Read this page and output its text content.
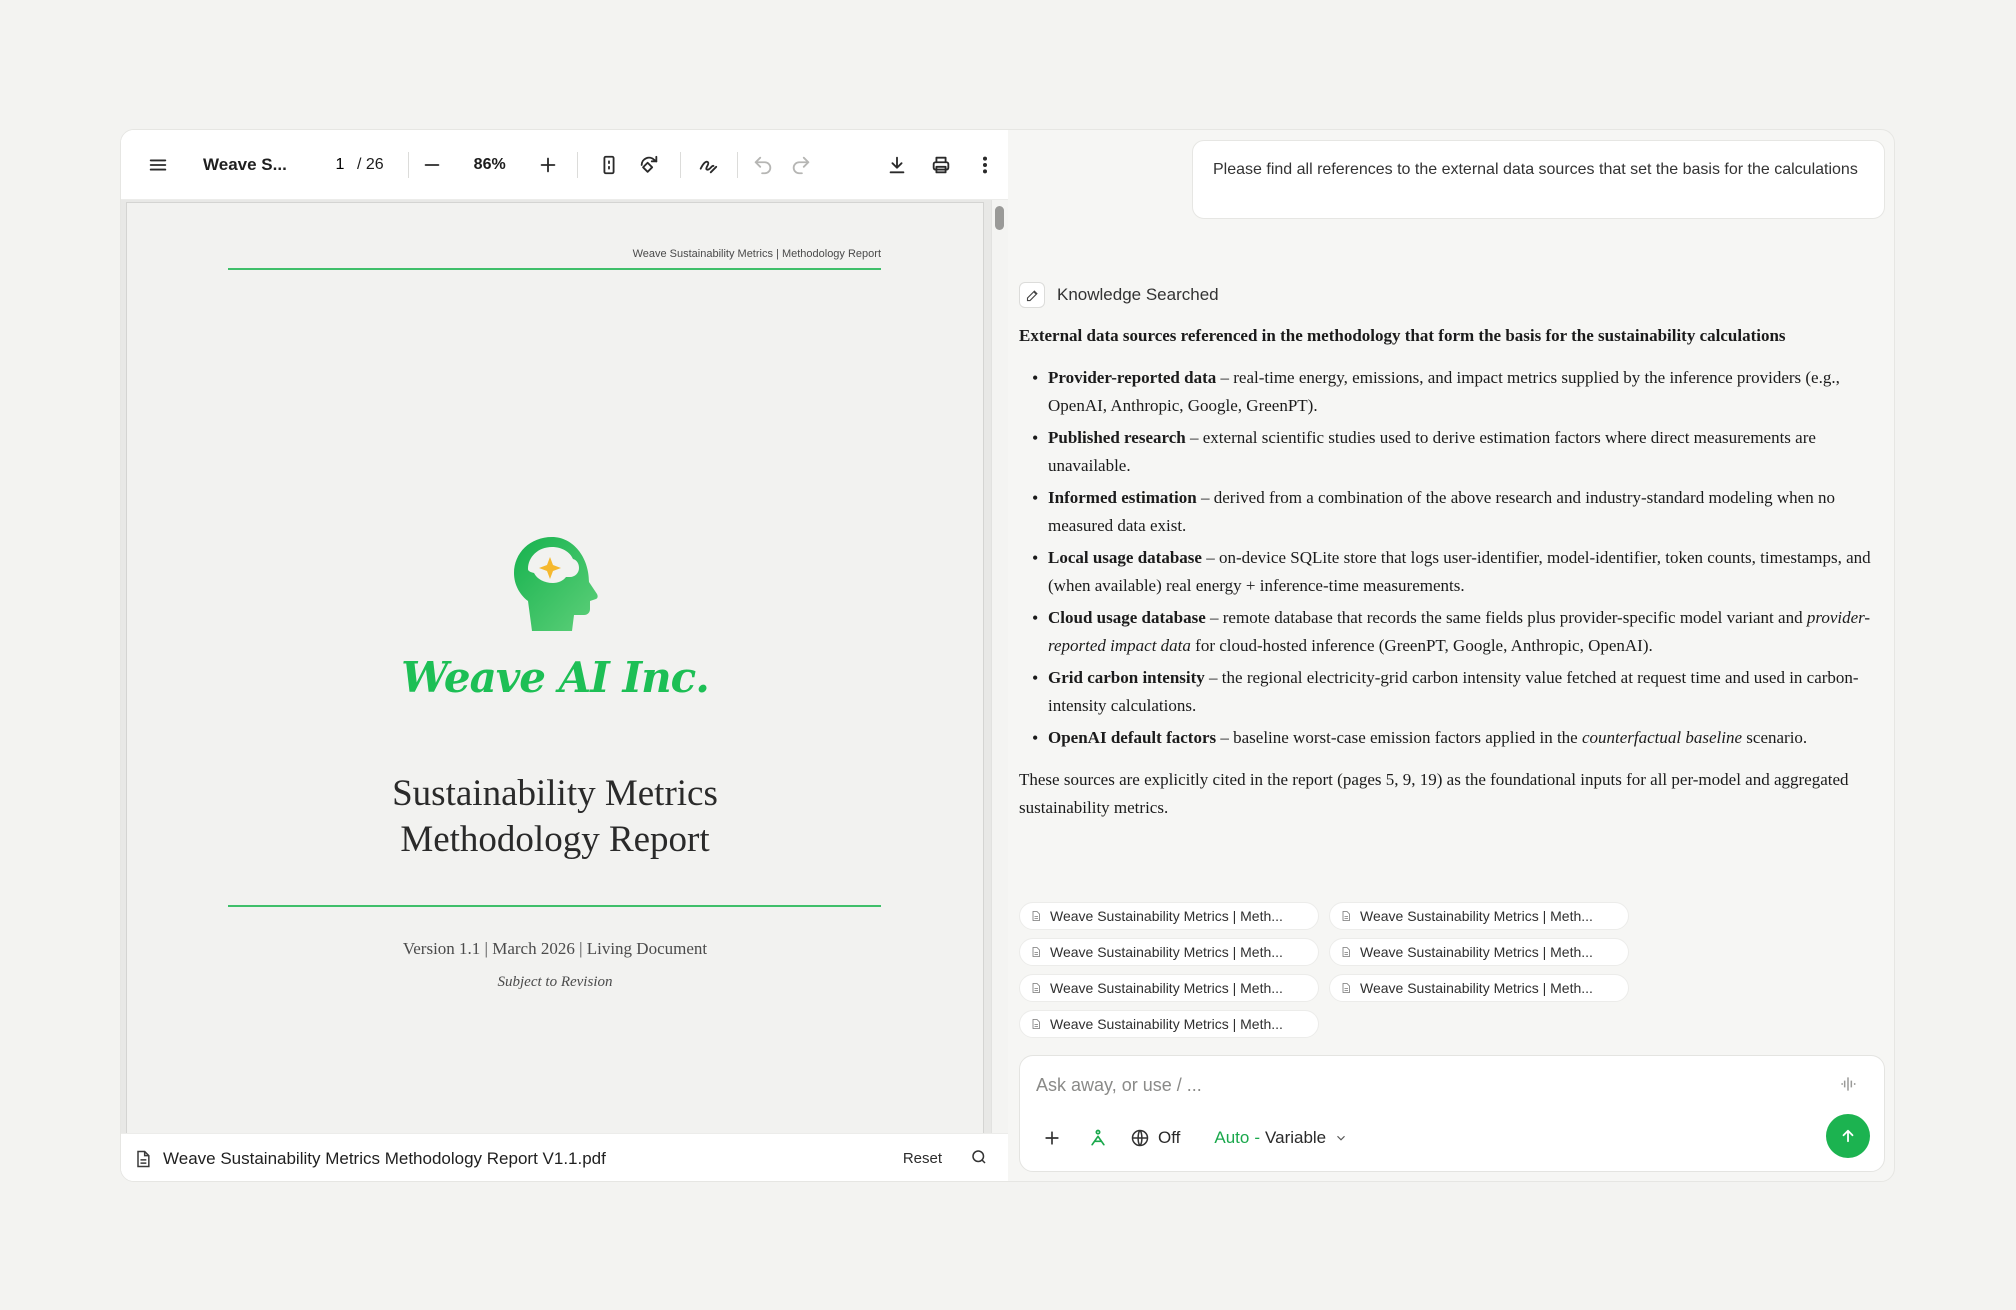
Weave S...
1	/ 26	86%
Weave Sustainability Metrics | Methodology Report
Weave AI Inc.
Sustainability Metrics
Methodology Report
Version 1.1 | March 2026 | Living Document
Subject to Revision
Weave Sustainability Metrics Methodology Report V1.1.pdf	Reset
Please find all references to the external data sources that set the basis for the calculations
Knowledge Searched
External data sources referenced in the methodology that form the basis for the sustainability calculations
• Provider-reported data – real-time energy, emissions, and impact metrics supplied by the inference providers (e.g., OpenAI, Anthropic, Google, GreenPT).
• Published research – external scientific studies used to derive estimation factors where direct measurements are unavailable.
• Informed estimation – derived from a combination of the above research and industry-standard modeling when no measured data exist.
• Local usage database – on-device SQLite store that logs user-identifier, model-identifier, token counts, timestamps, and (when available) real energy + inference-time measurements.
• Cloud usage database – remote database that records the same fields plus provider-specific model variant and provider-reported impact data for cloud-hosted inference (GreenPT, Google, Anthropic, OpenAI).
• Grid carbon intensity – the regional electricity-grid carbon intensity value fetched at request time and used in carbon-intensity calculations.
• OpenAI default factors – baseline worst-case emission factors applied in the counterfactual baseline scenario.
These sources are explicitly cited in the report (pages 5, 9, 19) as the foundational inputs for all per-model and aggregated sustainability metrics.
Weave Sustainability Metrics | Meth...	Weave Sustainability Metrics | Meth...
Weave Sustainability Metrics | Meth...	Weave Sustainability Metrics | Meth...
Weave Sustainability Metrics | Meth...	Weave Sustainability Metrics | Meth...
Weave Sustainability Metrics | Meth...
Ask away, or use / ...
Off Auto - Variable
